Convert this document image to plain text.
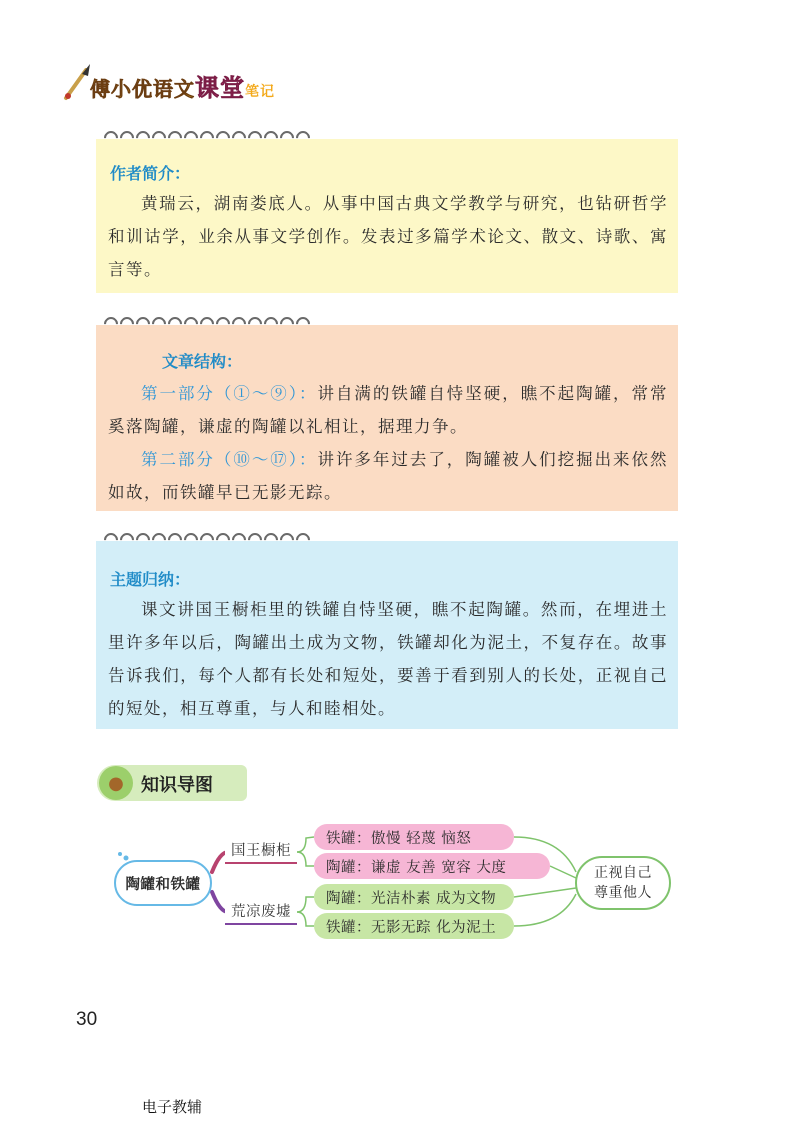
傅小优语文课堂笔记
作者简介：

黄瑞云，湖南娄底人。从事中国古典文学教学与研究，也钻研哲学和训诂学，业余从事文学创作。发表过多篇学术论文、散文、诗歌、寓言等。

文章结构：

第一部分（①～⑨）：讲自满的铁罐自恃坚硬，瞧不起陶罐，常常奚落陶罐，谦虚的陶罐以礼相让，据理力争。

第二部分（⑩～⑰）：讲许多年过去了，陶罐被人们挖掘出来依然如故，而铁罐早已无影无踪。

主题归纳：

课文讲国王橱柜里的铁罐自恃坚硬，瞧不起陶罐。然而，在埋进土里许多年以后，陶罐出土成为文物，铁罐却化为泥土，不复存在。故事告诉我们，每个人都有长处和短处，要善于看到别人的长处，正视自己的短处，相互尊重，与人和睦相处。

● 知识导图
陶罐和铁罐
国王橱柜
荒凉废墟
铁罐：傲慢 轻蔑 恼怒
陶罐：谦虚 友善 宽容 大度
陶罐：光洁朴素 成为文物
铁罐：无影无踪 化为泥土
正视自己
尊重他人
30
电子教辅
